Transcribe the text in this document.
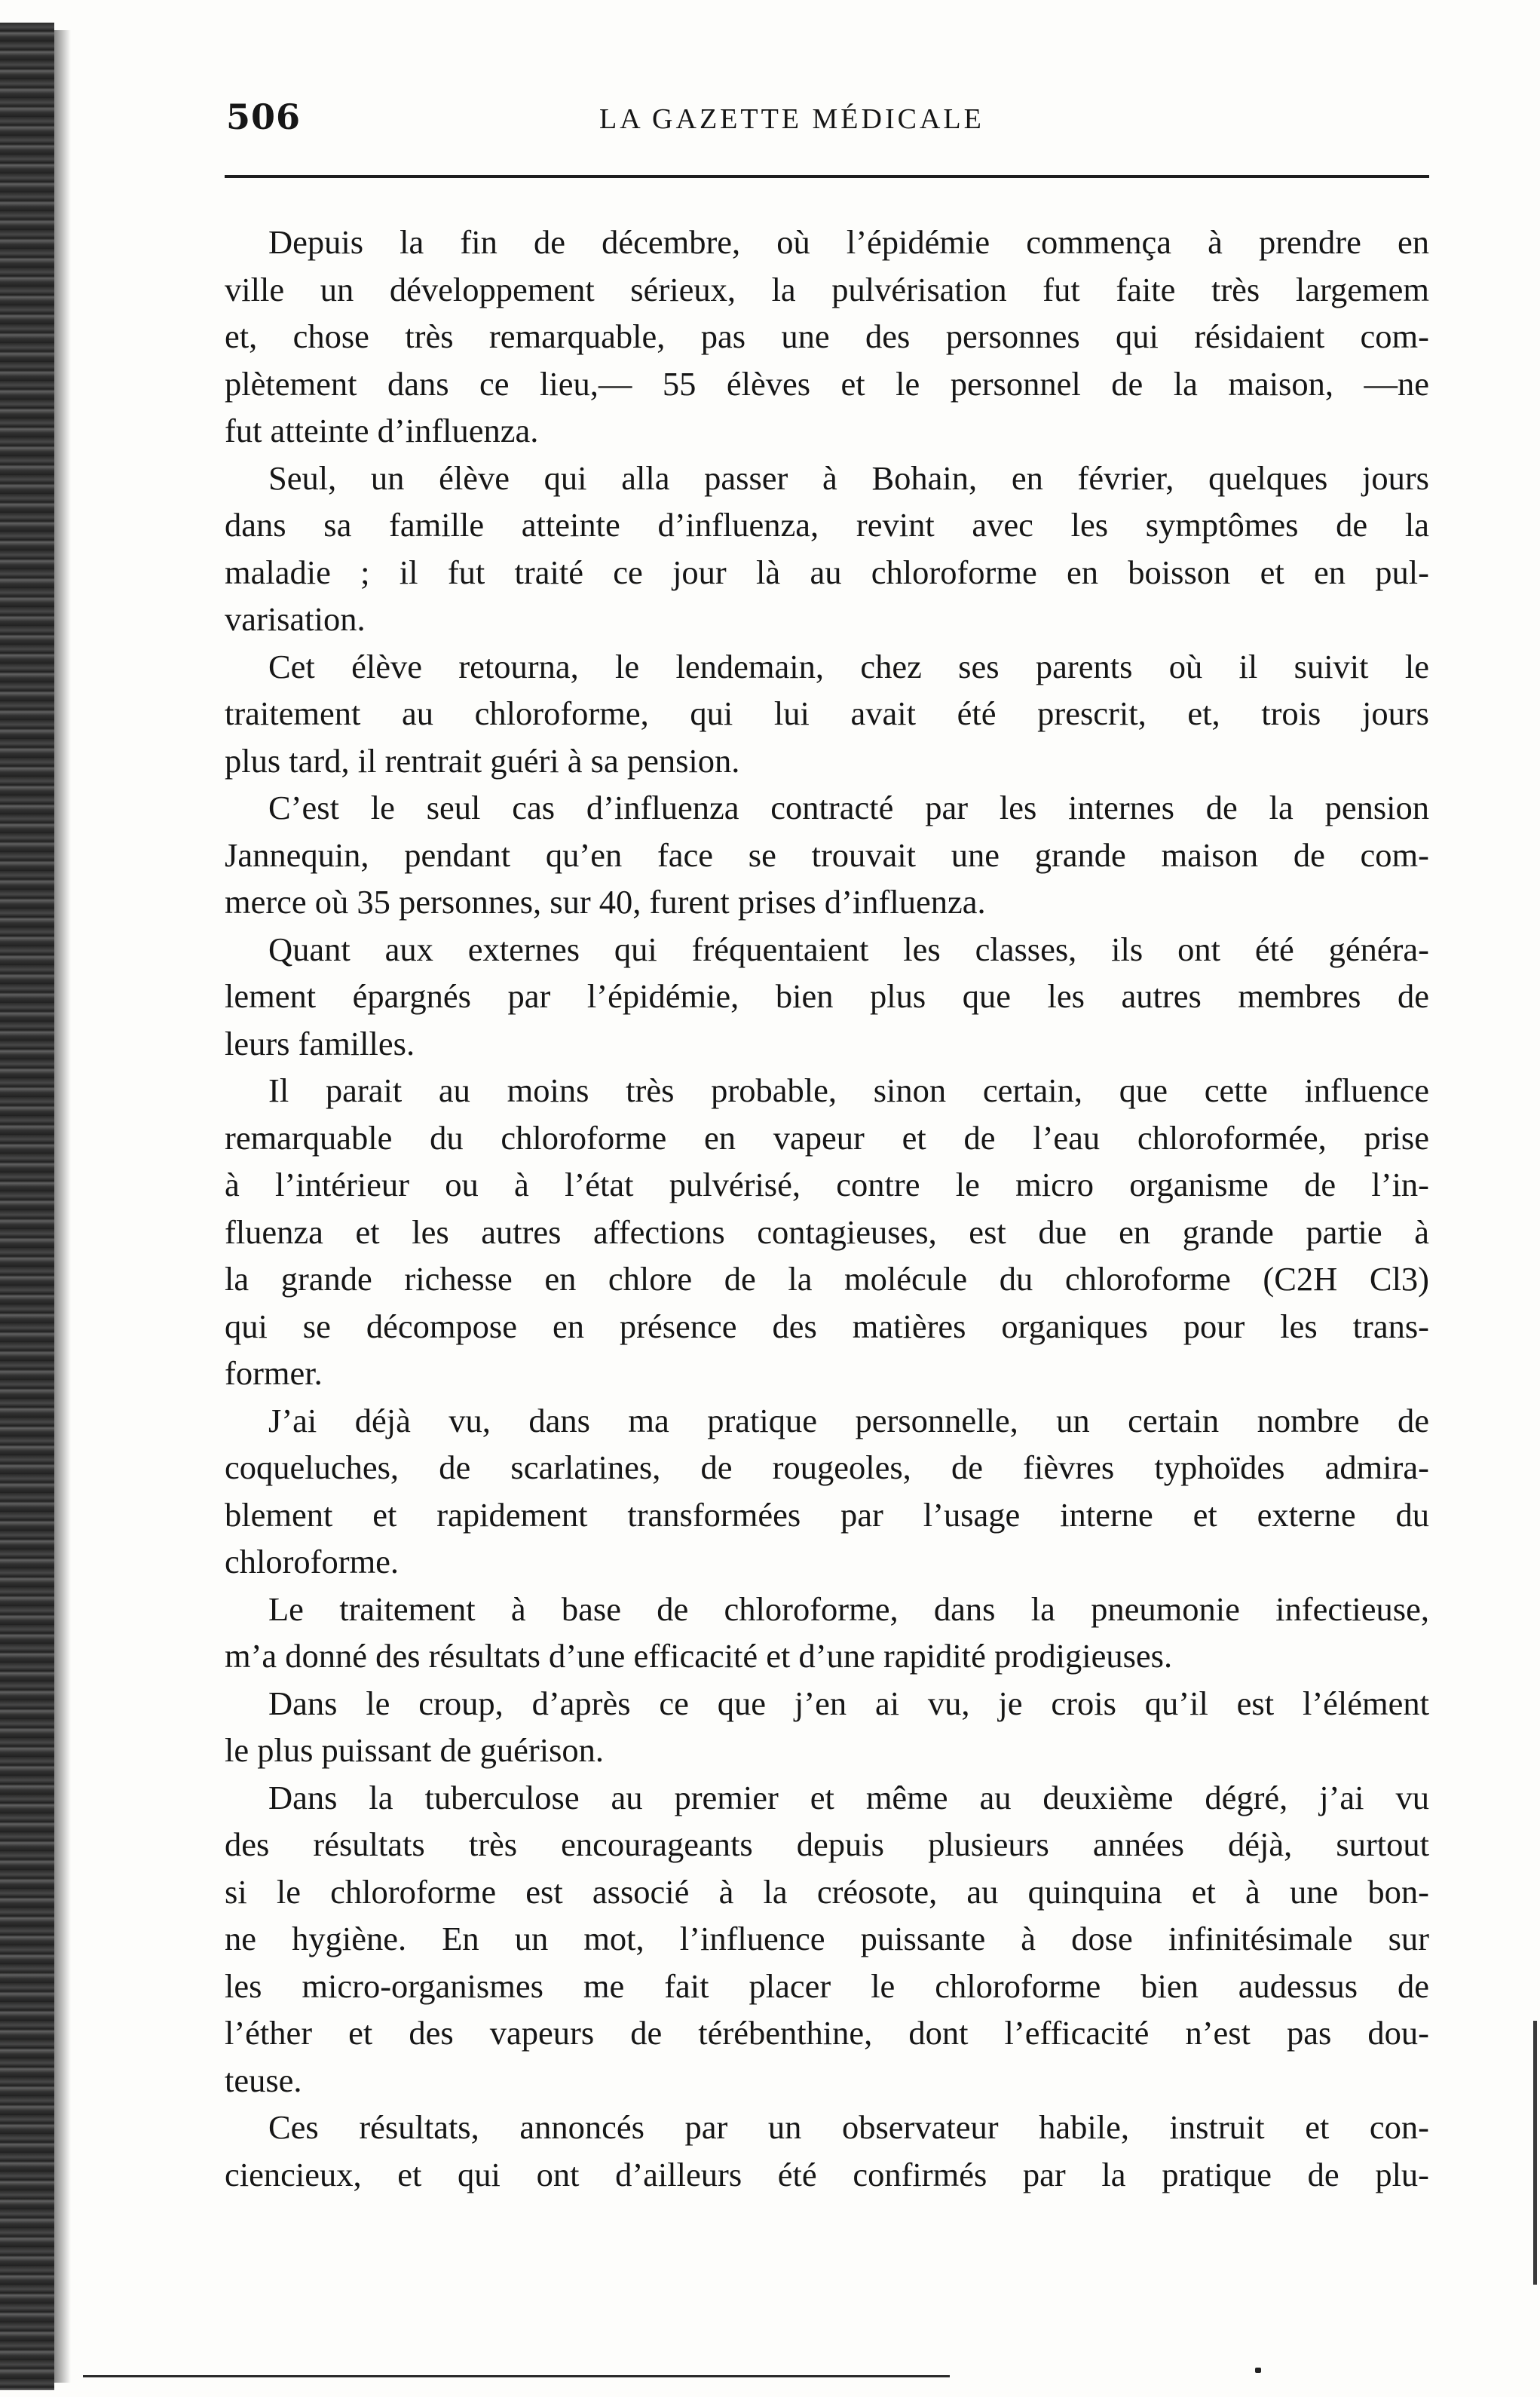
506	LA GAZETTE MÉDICALE
Depuis la fin de décembre, où l’épidémie commença à prendre en
ville un développement sérieux, la pulvérisation fut faite très largemem
et, chose très remarquable, pas une des personnes qui résidaient com-
plètement dans ce lieu,— 55 élèves et le personnel de la maison, —ne
fut atteinte d’influenza.
Seul, un élève qui alla passer à Bohain, en février, quelques jours
dans sa famille atteinte d’influenza, revint avec les symptômes de la
maladie ; il fut traité ce jour là au chloroforme en boisson et en pul-
varisation.
Cet élève retourna, le lendemain, chez ses parents où il suivit le
traitement au chloroforme, qui lui avait été prescrit, et, trois jours
plus tard, il rentrait guéri à sa pension.
C’est le seul cas d’influenza contracté par les internes de la pension
Jannequin, pendant qu’en face se trouvait une grande maison de com-
merce où 35 personnes, sur 40, furent prises d’influenza.
Quant aux externes qui fréquentaient les classes, ils ont été généra-
lement épargnés par l’épidémie, bien plus que les autres membres de
leurs familles.
Il parait au moins très probable, sinon certain, que cette influence
remarquable du chloroforme en vapeur et de l’eau chloroformée, prise
à l’intérieur ou à l’état pulvérisé, contre le micro organisme de l’in-
fluenza et les autres affections contagieuses, est due en grande partie à
la grande richesse en chlore de la molécule du chloroforme (C2H Cl3)
qui se décompose en présence des matières organiques pour les trans-
former.
J’ai déjà vu, dans ma pratique personnelle, un certain nombre de
coqueluches, de scarlatines, de rougeoles, de fièvres typhoïdes admira-
blement et rapidement transformées par l’usage interne et externe du
chloroforme.
Le traitement à base de chloroforme, dans la pneumonie infectieuse,
m’a donné des résultats d’une efficacité et d’une rapidité prodigieuses.
Dans le croup, d’après ce que j’en ai vu, je crois qu’il est l’élément
le plus puissant de guérison.
Dans la tuberculose au premier et même au deuxième dégré, j’ai vu
des résultats très encourageants depuis plusieurs années déjà, surtout
si le chloroforme est associé à la créosote, au quinquina et à une bon-
ne hygiène. En un mot, l’influence puissante à dose infinitésimale sur
les micro-organismes me fait placer le chloroforme bien audessus de
l’éther et des vapeurs de térébenthine, dont l’efficacité n’est pas dou-
teuse.
Ces résultats, annoncés par un observateur habile, instruit et con-
ciencieux, et qui ont d’ailleurs été confirmés par la pratique de plu-
